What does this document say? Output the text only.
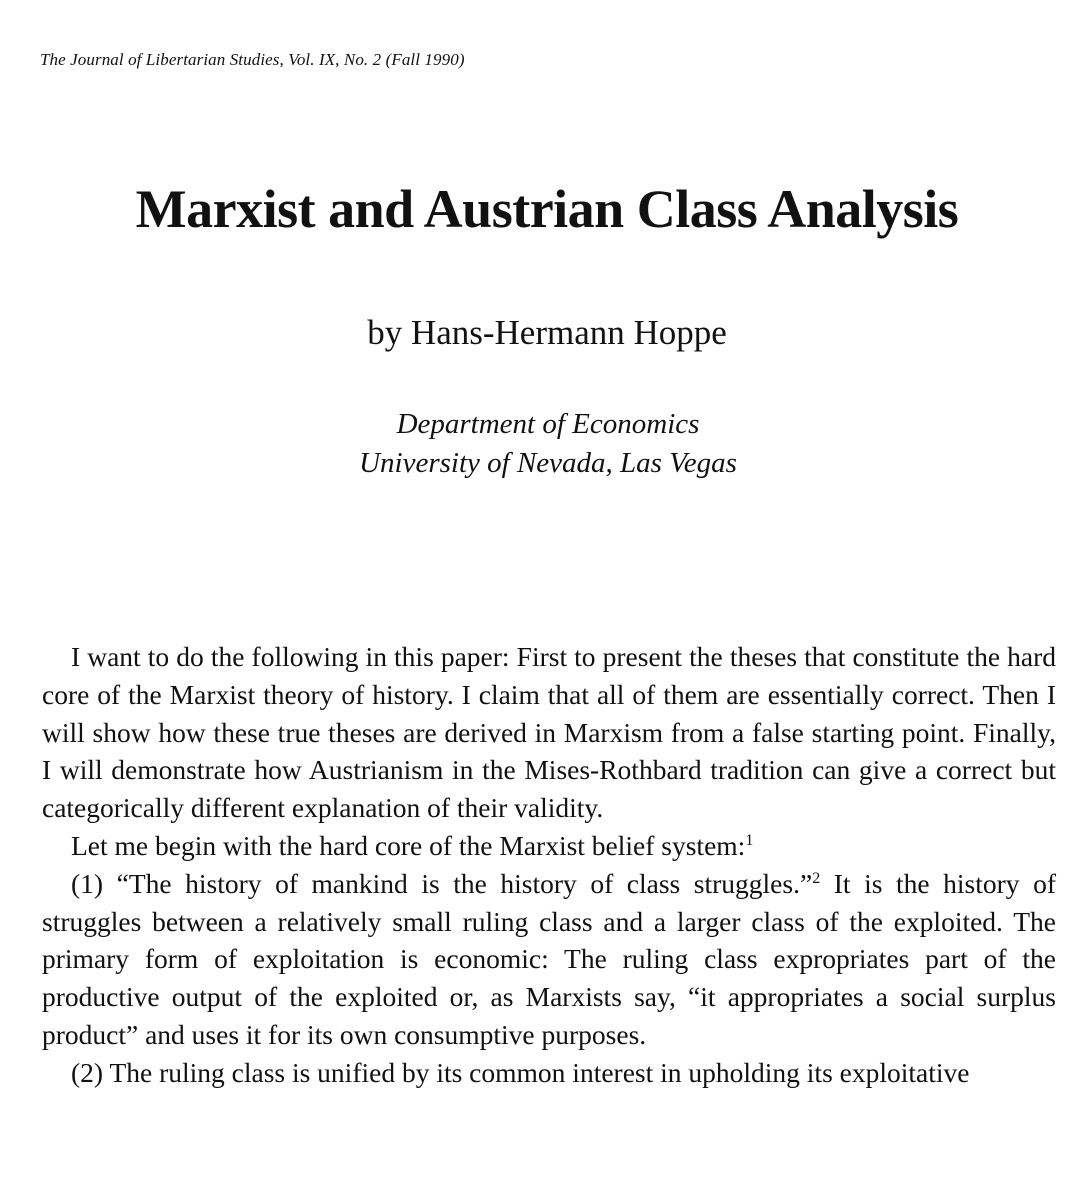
The Journal of Libertarian Studies, Vol. IX, No. 2 (Fall 1990)
Marxist and Austrian Class Analysis
by Hans-Hermann Hoppe
Department of Economics
University of Nevada, Las Vegas

I want to do the following in this paper: First to present the theses that constitute the hard core of the Marxist theory of history. I claim that all of them are essentially correct. Then I will show how these true theses are derived in Marxism from a false starting point. Finally, I will demonstrate how Austrianism in the Mises-Rothbard tradition can give a correct but categorically different explanation of their validity.

Let me begin with the hard core of the Marxist belief system:$^1$

(1) “The history of mankind is the history of class struggles.”$^2$ It is the history of struggles between a relatively small ruling class and a larger class of the exploited. The primary form of exploitation is economic: The ruling class expropriates part of the productive output of the exploited or, as Marxists say, “it appropriates a social surplus product” and uses it for its own consumptive purposes.

(2) The ruling class is unified by its common interest in upholding its exploitative
